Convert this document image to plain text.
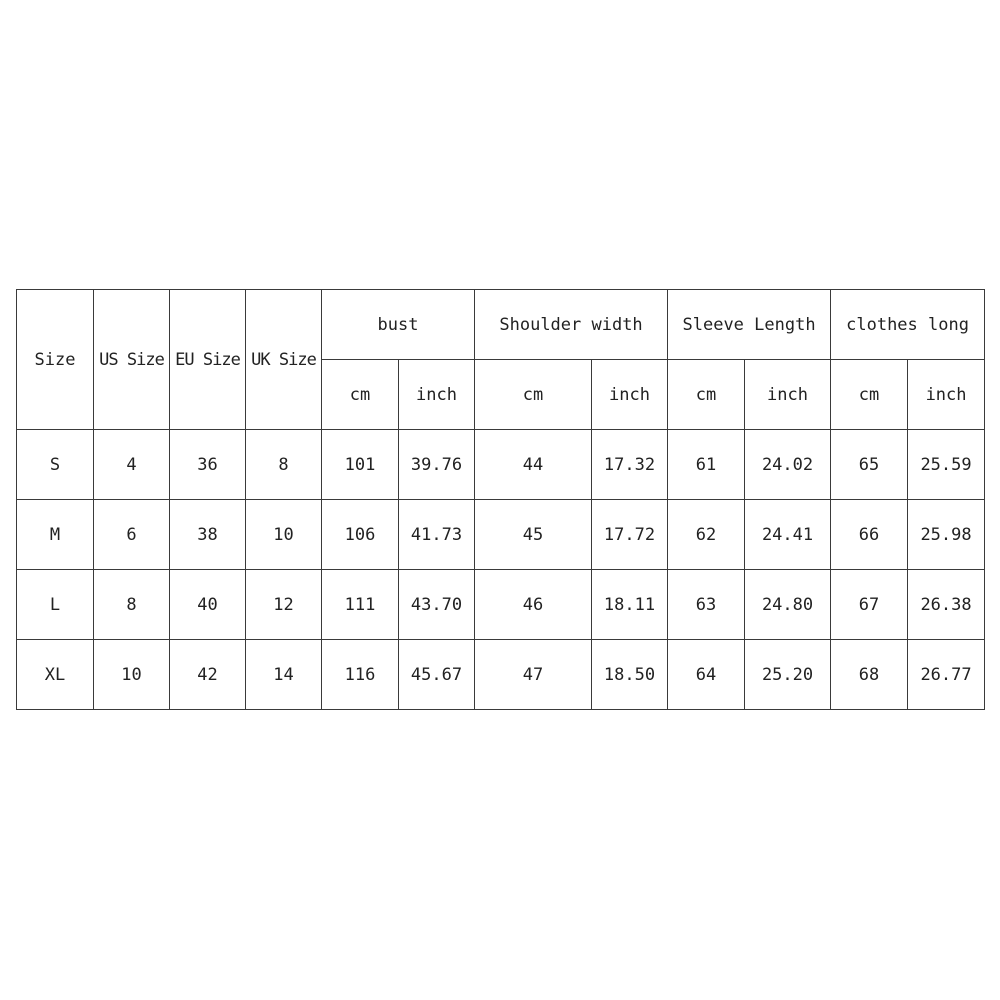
Size	US Size	EU Size	UK Size	bust		Shoulder width		Sleeve Length		clothes long	
				cm	inch	cm	inch	cm	inch	cm	inch
S	4	36	8	101	39.76	44	17.32	61	24.02	65	25.59
M	6	38	10	106	41.73	45	17.72	62	24.41	66	25.98
L	8	40	12	111	43.70	46	18.11	63	24.80	67	26.38
XL	10	42	14	116	45.67	47	18.50	64	25.20	68	26.77
